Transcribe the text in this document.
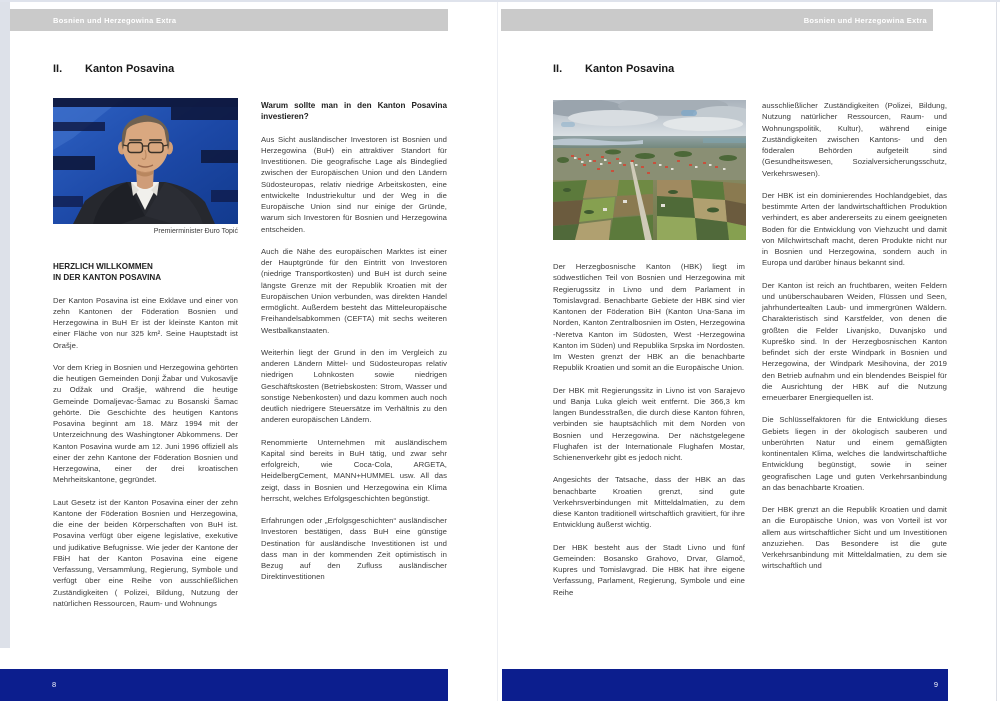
Bosnien und Herzegowina Extra
II.	Kanton Posavina
Premierminister Đuro Topić
HERZLICH WILLKOMMEN
IN DER KANTON POSAVINA

Der Kanton Posavina ist eine Exklave und einer von zehn Kantonen der Föderation Bosnien und Herzegowina in BuH Er ist der kleinste Kanton mit einer Fläche von nur 325 km². Seine Hauptstadt ist Orašje.

Vor dem Krieg in Bosnien und Herzegowina gehörten die heutigen Gemeinden Donji Žabar und Vukosavlje zu Odžak und Orašje, während die heutige Gemeinde Domaljevac-Šamac zu Bosanski Šamac gehörte. Die Geschichte des heutigen Kantons Posavina beginnt am 18. März 1994 mit der Unterzeichnung des Washingtoner Abkommens. Der Kanton Posavina wurde am 12. Juni 1996 offiziell als einer der zehn Kantone der Föderation Bosnien und Herzegowina, einer der drei kroatischen Mehrheitskantone, gegründet.

Laut Gesetz ist der Kanton Posavina einer der zehn Kantone der Föderation Bosnien und Herzegowina, die eine der beiden Körperschaften von BuH ist. Posavina verfügt über eigene legislative, exekutive und judikative Befugnisse. Wie jeder der Kantone der FBiH hat der Kanton Posavina eine eigene Verfassung, Versammlung, Regierung, Symbole und verfügt über eine Reihe von ausschließlichen Zuständigkeiten ( Polizei, Bildung, Nutzung der natürlichen Ressourcen, Raum- und Wohnungs

Warum sollte man in den Kanton Posavina investieren?

Aus Sicht ausländischer Investoren ist Bosnien und Herzegowina (BuH) ein attraktiver Standort für Investitionen. Die geografische Lage als Bindeglied zwischen der Europäischen Union und den Ländern Südosteuropas, relativ niedrige Arbeitskosten, eine entwickelte Industriekultur und der Weg in die Europäische Union sind nur einige der Gründe, warum sich Investoren für Bosnien und Herzegowina entscheiden.

Auch die Nähe des europäischen Marktes ist einer der Hauptgründe für den Eintritt von Investoren (niedrige Transportkosten) und BuH ist durch seine längste Grenze mit der Republik Kroatien mit der Europäischen Union verbunden, was direkten Handel ermöglicht. Außerdem besteht das Mitteleuropäische Freihandelsabkommen (CEFTA) mit sechs weiteren Westbalkanstaaten.

Weiterhin liegt der Grund in den im Vergleich zu anderen Ländern Mittel- und Südosteuropas relativ niedrigen Lohnkosten sowie niedrigen Geschäftskosten (Betriebskosten: Strom, Wasser und sonstige Nebenkosten) und dazu kommen auch noch deutlich niedrigere Steuersätze im Verhältnis zu den anderen europäischen Ländern.

Renommierte Unternehmen mit ausländischem Kapital sind bereits in BuH tätig, und zwar sehr erfolgreich, wie Coca-Cola, ARGETA, HeidelbergCement, MANN+HUMMEL usw. All das zeigt, dass in Bosnien und Herzegowina ein Klima herrscht, welches Erfolgsgeschichten begünstigt.

Erfahrungen oder „Erfolgsgeschichten“ ausländischer Investoren bestätigen, dass BuH eine günstige Destination für ausländische Investitionen ist und dass man in der kommenden Zeit optimistisch in Bezug auf den Zufluss ausländischer Direktinvestitionen

8
Bosnien und Herzegowina Extra
II.	Kanton Posavina

Der Herzegbosnische Kanton (HBK) liegt im südwestlichen Teil von Bosnien und Herzegowina mit Regierugssitz in Livno und dem Parlament in Tomislavgrad. Benachbarte Gebiete der HBK sind vier Kantonen der Föderation BiH (Kanton Una-Sana im Norden, Kanton Zentralbosnien im Osten, Herzegowina -Neretva Kanton im Südosten, West -Herzegowina Kanton im Süden) und Republika Srpska im Nordosten. Im Westen grenzt der HBK an die benachbarte Republik Kroatien und somit an die Europäische Union.

Der HBK mit Regierungssitz in Livno ist von Sarajevo und Banja Luka gleich weit entfernt. Die 366,3 km langen Bundesstraßen, die durch diese Kanton führen, verbinden sie hauptsächlich mit dem Norden von Bosnien und Herzegowina. Der nächstgelegene Flughafen ist der Internationale Flughafen Mostar, Schienenverkehr gibt es jedoch nicht.

Angesichts der Tatsache, dass der HBK an das benachbarte Kroatien grenzt, sind gute Verkehrsverbindungen mit Mitteldalmatien, zu dem diese Kanton traditionell wirtschaftlich gravitiert, für ihre Entwicklung äußerst wichtig.

Der HBK besteht aus der Stadt Livno und fünf Gemeinden: Bosansko Grahovo, Drvar, Glamoč, Kupres und Tomislavgrad. Die HBK hat ihre eigene Verfassung, Parlament, Regierung, Symbole und eine Reihe

ausschließlicher Zuständigkeiten (Polizei, Bildung, Nutzung natürlicher Ressourcen, Raum- und Wohnungspolitik, Kultur), während einige Zuständigkeiten zwischen Kantons- und den föderalen Behörden aufgeteilt sind (Gesundheitswesen, Sozialversicherungsschutz, Verkehrswesen).

Der HBK ist ein dominierendes Hochlandgebiet, das bestimmte Arten der landwirtschaftlichen Produktion verhindert, es aber andererseits zu einem geeigneten Boden für die Entwicklung von Viehzucht und damit von Milchwirtschaft macht, deren Produkte nicht nur in Bosnien und Herzegowina, sondern auch in Europa und darüber hinaus bekannt sind.

Der Kanton ist reich an fruchtbaren, weiten Feldern und unüberschaubaren Weiden, Flüssen und Seen, jahrhundertealten Laub- und immergrünen Wäldern. Charakteristisch sind Karstfelder, von denen die größten die Felder Livanjsko, Duvanjsko und Kupreško sind. In der Herzegbosnischen Kanton befindet sich der erste Windpark in Bosnien und Herzegowina, der Windpark Mesihovina, der 2019 den Betrieb aufnahm und ein blendendes Beispiel für die Ausrichtung der HBK auf die Nutzung erneuerbarer Energiequellen ist.

Die Schlüsselfaktoren für die Entwicklung dieses Gebiets liegen in der ökologisch sauberen und unberührten Natur und einem gemäßigten kontinentalen Klima, welches die landwirtschaftliche Entwicklung begünstigt, sowie in seiner geografischen Lage und guten Verkehrsanbindung an das benachbarte Kroatien.

Der HBK grenzt an die Republik Kroatien und damit an die Europäische Union, was von Vorteil ist vor allem aus wirtschaftlicher Sicht und um Investitionen anzuziehen. Das Besondere ist die gute Verkehrsanbindung mit Mitteldalmatien, zu dem sie wirtschaftlich und

9
